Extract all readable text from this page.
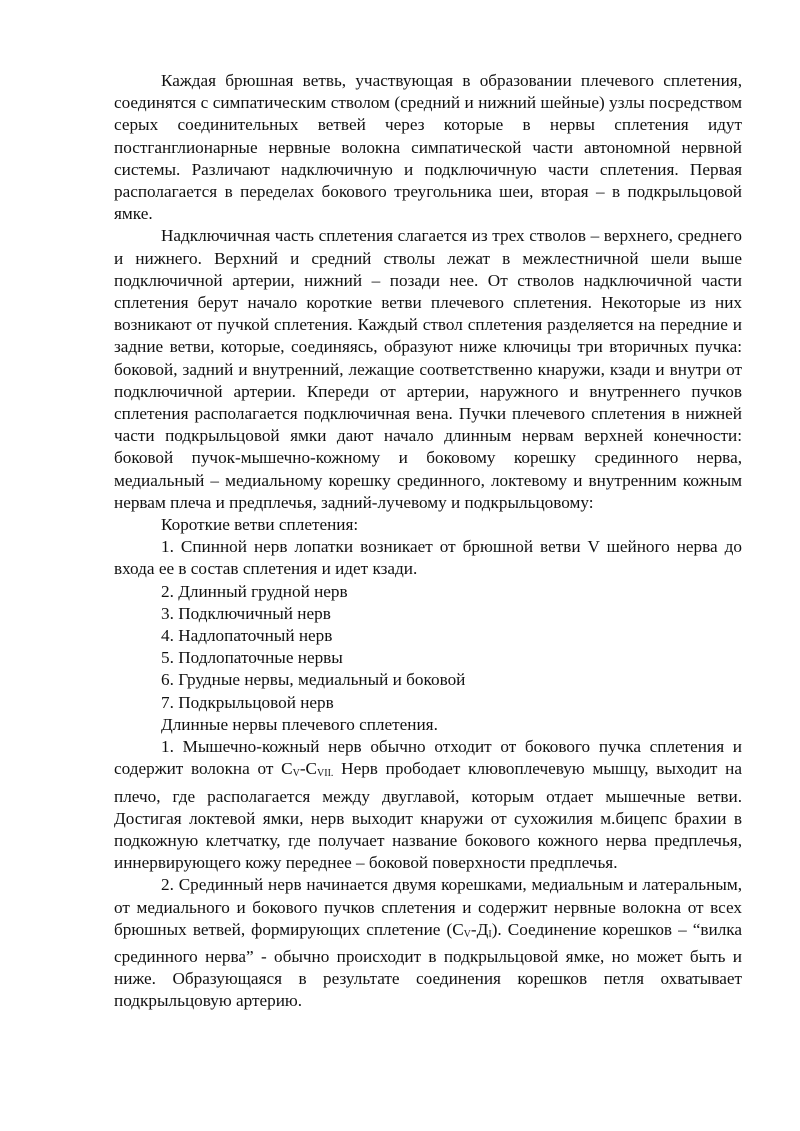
Каждая брюшная ветвь, участвующая в образовании плечевого сплетения, соединятся с симпатическим стволом (средний и нижний шейные) узлы посредством серых соединительных ветвей через которые в нервы сплетения идут постганглионарные нервные волокна симпатической части автономной нервной системы. Различают надключичную и подключичную части сплетения. Первая располагается в переделах бокового треугольника шеи, вторая – в подкрыльцовой ямке.

Надключичная часть сплетения слагается из трех стволов – верхнего, среднего и нижнего. Верхний и средний стволы лежат в межлестничной шели выше подключичной артерии, нижний – позади нее. От стволов надключичной части сплетения берут начало короткие ветви плечевого сплетения. Некоторые из них возникают от пучкой сплетения. Каждый ствол сплетения разделяется на передние и задние ветви, которые, соединяясь, образуют ниже ключицы три вторичных пучка: боковой, задний и внутренний, лежащие соответственно кнаружи, кзади и внутри от подключичной артерии. Кпереди от артерии, наружного и внутреннего пучков сплетения располагается подключичная вена. Пучки плечевого сплетения в нижней части подкрыльцовой ямки дают начало длинным нервам верхней конечности: боковой пучок-мышечно-кожному и боковому корешку срединного нерва, медиальный – медиальному корешку срединного, локтевому и внутренним кожным нервам плеча и предплечья, задний-лучевому и подкрыльцовому:

Короткие ветви сплетения:

1. Спинной нерв лопатки возникает от брюшной ветви V шейного нерва до входа ее в состав сплетения и идет кзади.

2. Длинный грудной нерв

3. Подключичный нерв

4. Надлопаточный нерв

5. Подлопаточные нервы

6. Грудные нервы, медиальный и боковой

7. Подкрыльцовой нерв

Длинные нервы плечевого сплетения.

1. Мышечно-кожный нерв обычно отходит от бокового пучка сплетения и содержит волокна от $C_V-C_{VII.}$ Нерв прободает клювоплечевую мышцу, выходит на плечо, где располагается между двуглавой, которым отдает мышечные ветви. Достигая локтевой ямки, нерв выходит кнаружи от сухожилия м.бицепс брахии в подкожную клетчатку, где получает название бокового кожного нерва предплечья, иннервирующего кожу переднее – боковой поверхности предплечья.

2. Срединный нерв начинается двумя корешками, медиальным и латеральным, от медиального и бокового пучков сплетения и содержит нервные волокна от всех брюшных ветвей, формирующих сплетение $(C_V-Д_I)$. Соединение корешков – “вилка срединного нерва” - обычно происходит в подкрыльцовой ямке, но может быть и ниже. Образующаяся в результате соединения корешков петля охватывает подкрыльцовую артерию.
